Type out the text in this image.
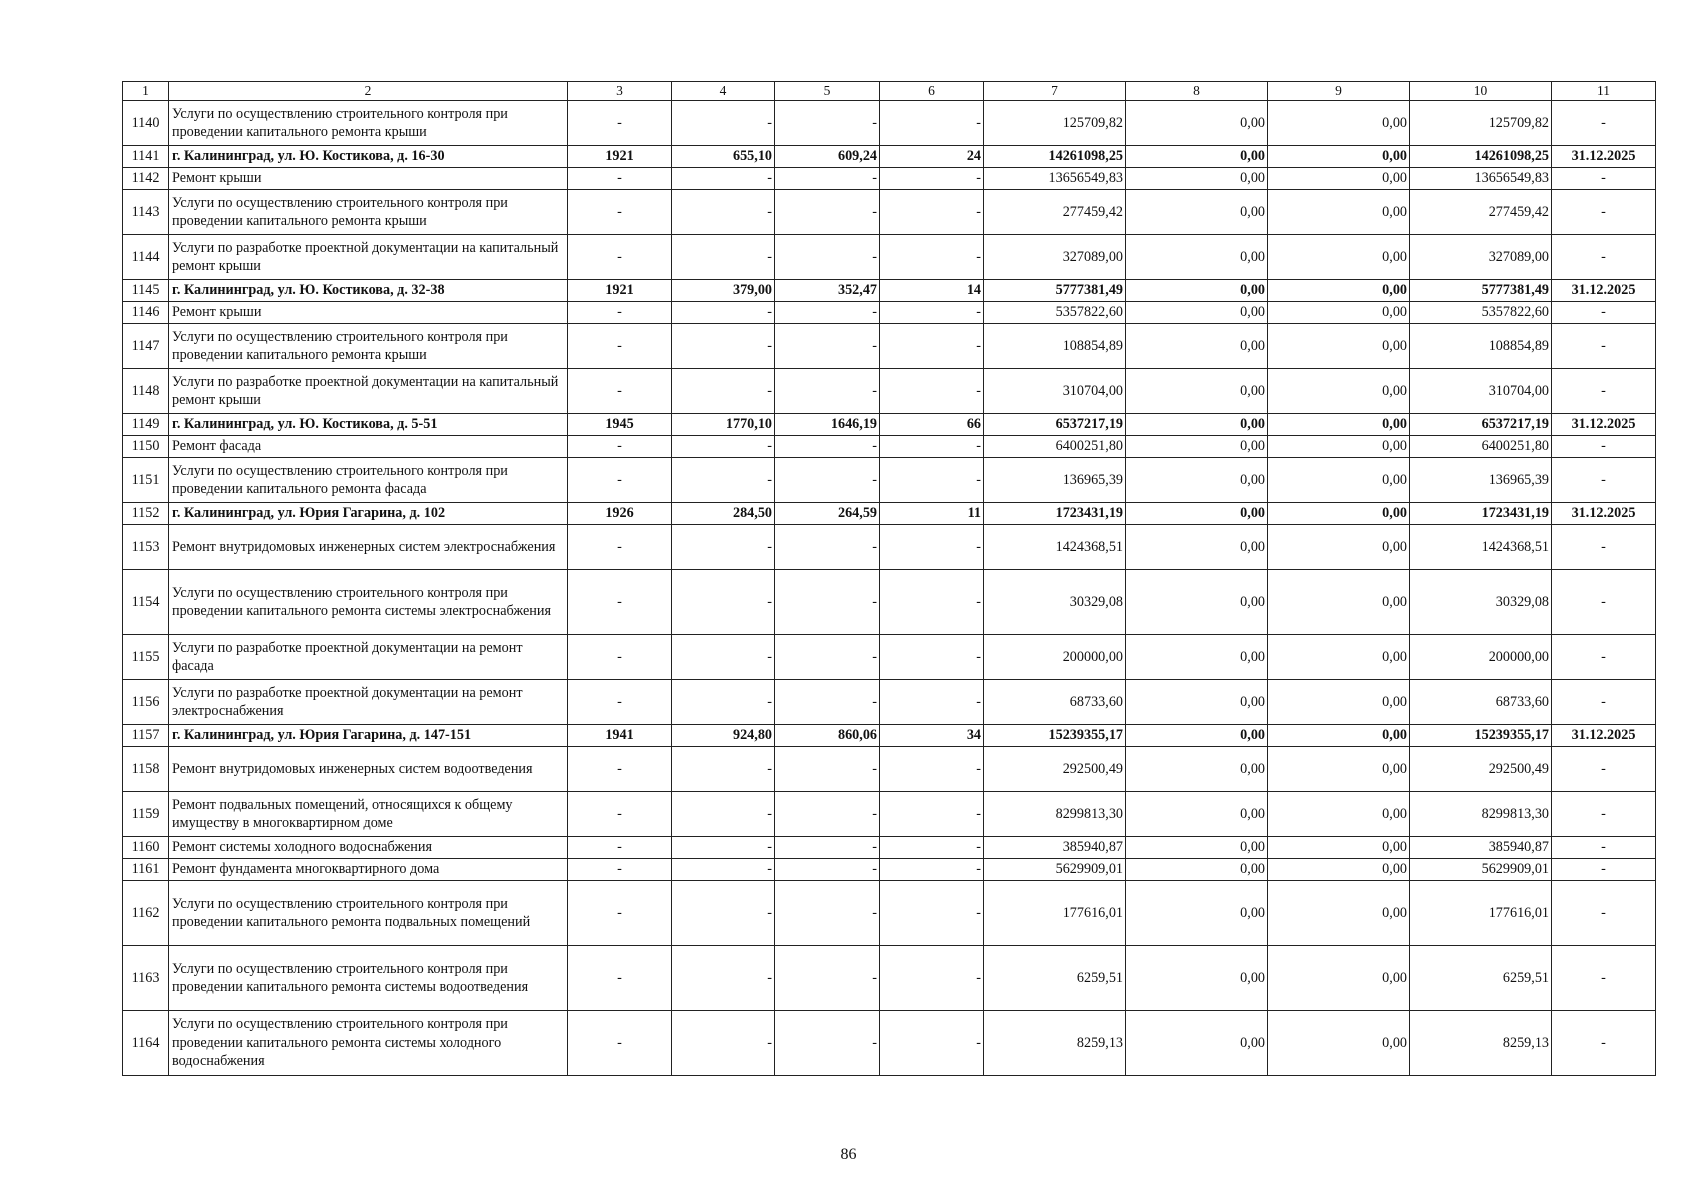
1	2	3	4	5	6	7	8	9	10	11
1140	Услуги по осуществлению строительного контроля при проведении капитального ремонта крыши	-	-	-	-	125709,82	0,00	0,00	125709,82	-
1141	г. Калининград, ул. Ю. Костикова, д. 16-30	1921	655,10	609,24	24	14261098,25	0,00	0,00	14261098,25	31.12.2025
1142	Ремонт крыши	-	-	-	-	13656549,83	0,00	0,00	13656549,83	-
1143	Услуги по осуществлению строительного контроля при проведении капитального ремонта крыши	-	-	-	-	277459,42	0,00	0,00	277459,42	-
1144	Услуги по разработке проектной документации на капитальный ремонт крыши	-	-	-	-	327089,00	0,00	0,00	327089,00	-
1145	г. Калининград, ул. Ю. Костикова, д. 32-38	1921	379,00	352,47	14	5777381,49	0,00	0,00	5777381,49	31.12.2025
1146	Ремонт крыши	-	-	-	-	5357822,60	0,00	0,00	5357822,60	-
1147	Услуги по осуществлению строительного контроля при проведении капитального ремонта крыши	-	-	-	-	108854,89	0,00	0,00	108854,89	-
1148	Услуги по разработке проектной документации на капитальный ремонт крыши	-	-	-	-	310704,00	0,00	0,00	310704,00	-
1149	г. Калининград, ул. Ю. Костикова, д. 5-51	1945	1770,10	1646,19	66	6537217,19	0,00	0,00	6537217,19	31.12.2025
1150	Ремонт фасада	-	-	-	-	6400251,80	0,00	0,00	6400251,80	-
1151	Услуги по осуществлению строительного контроля при проведении капитального ремонта фасада	-	-	-	-	136965,39	0,00	0,00	136965,39	-
1152	г. Калининград, ул. Юрия Гагарина, д. 102	1926	284,50	264,59	11	1723431,19	0,00	0,00	1723431,19	31.12.2025
1153	Ремонт внутридомовых инженерных систем электроснабжения	-	-	-	-	1424368,51	0,00	0,00	1424368,51	-
1154	Услуги по осуществлению строительного контроля при проведении капитального ремонта системы электроснабжения	-	-	-	-	30329,08	0,00	0,00	30329,08	-
1155	Услуги по разработке проектной документации на ремонт фасада	-	-	-	-	200000,00	0,00	0,00	200000,00	-
1156	Услуги по разработке проектной документации на ремонт электроснабжения	-	-	-	-	68733,60	0,00	0,00	68733,60	-
1157	г. Калининград, ул. Юрия Гагарина, д. 147-151	1941	924,80	860,06	34	15239355,17	0,00	0,00	15239355,17	31.12.2025
1158	Ремонт внутридомовых инженерных систем водоотведения	-	-	-	-	292500,49	0,00	0,00	292500,49	-
1159	Ремонт подвальных помещений, относящихся к общему имуществу в многоквартирном доме	-	-	-	-	8299813,30	0,00	0,00	8299813,30	-
1160	Ремонт системы холодного водоснабжения	-	-	-	-	385940,87	0,00	0,00	385940,87	-
1161	Ремонт фундамента многоквартирного дома	-	-	-	-	5629909,01	0,00	0,00	5629909,01	-
1162	Услуги по осуществлению строительного контроля при проведении капитального ремонта подвальных помещений	-	-	-	-	177616,01	0,00	0,00	177616,01	-
1163	Услуги по осуществлению строительного контроля при проведении капитального ремонта системы водоотведения	-	-	-	-	6259,51	0,00	0,00	6259,51	-
1164	Услуги по осуществлению строительного контроля при проведении капитального ремонта системы холодного водоснабжения	-	-	-	-	8259,13	0,00	0,00	8259,13	-
86
